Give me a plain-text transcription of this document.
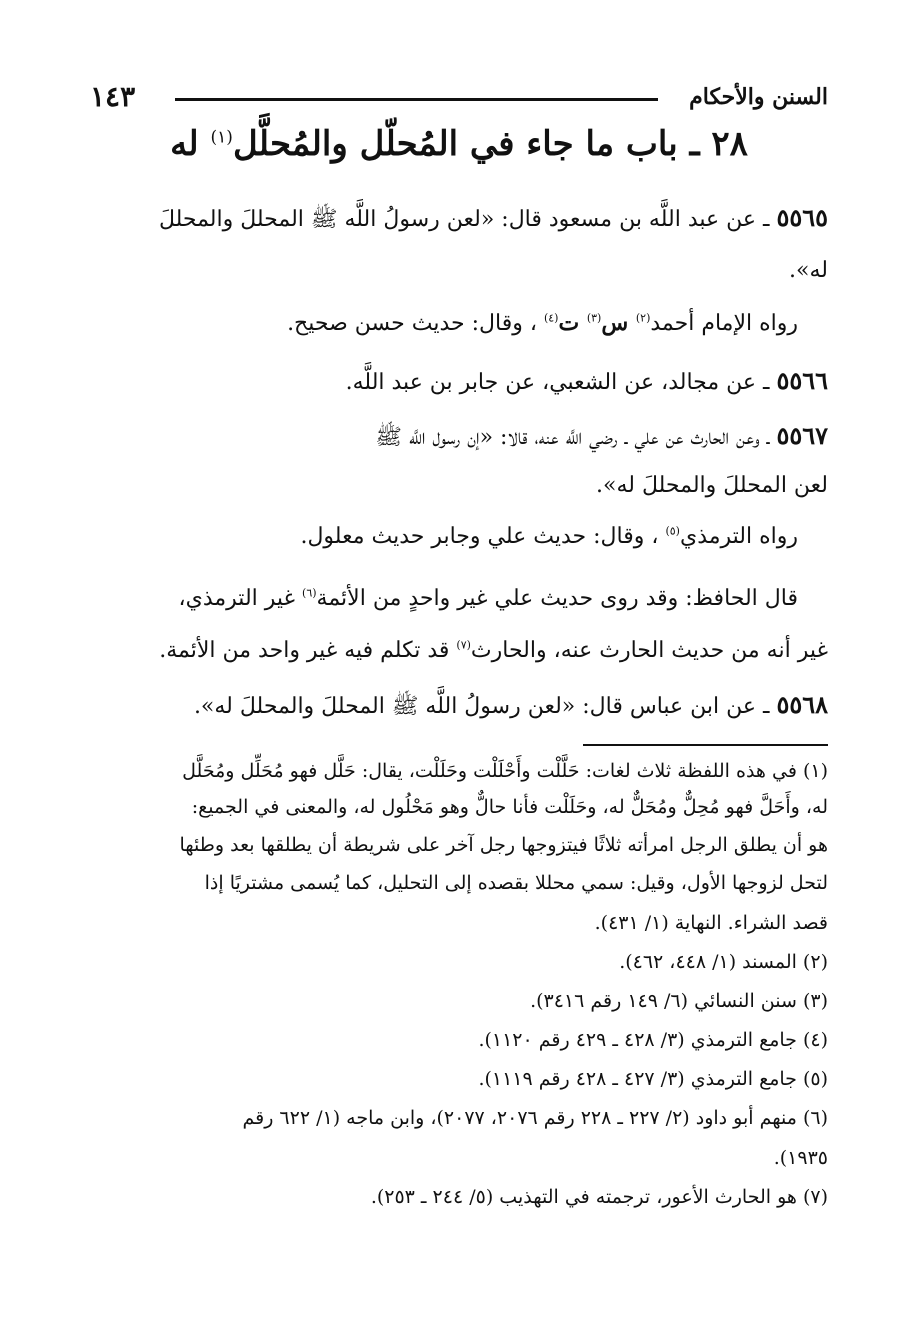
السنن والأحكام
١٤٣
٢٨ ـ باب ما جاء في المُحلّل والمُحلَّل$^{(١)}$ له
٥٥٦٥ ـ عن عبد اللَّه بن مسعود قال: «لعن رسولُ اللَّه ﷺ المحللَ والمحللَ
له».
رواه الإمام أحمد$^{(٢)}$ س$^{(٣)}$ ت$^{(٤)}$ ، وقال: حديث حسن صحيح.
٥٥٦٦ ـ عن مجالد، عن الشعبي، عن جابر بن عبد اللَّه.
٥٥٦٧ ـ وعن الحارث عن علي ـ رضي اللَّه عنه، قالا: «إن رسول اللَّه ﷺ
لعن المحللَ والمحللَ له».
رواه الترمذي$^{(٥)}$ ، وقال: حديث علي وجابر حديث معلول.
قال الحافظ: وقد روى حديث علي غير واحدٍ من الأئمة$^{(٦)}$ غير الترمذي،
غير أنه من حديث الحارث عنه، والحارث$^{(٧)}$ قد تكلم فيه غير واحد من الأئمة.
٥٥٦٨ ـ عن ابن عباس قال: «لعن رسولُ اللَّه ﷺ المحللَ والمحللَ له».
(١) في هذه اللفظة ثلاث لغات: حَلَّلْت وأَحْلَلْت وحَلَلْت، يقال: حَلَّل فهو مُحَلِّل ومُحَلَّل
له، وأَحَلَّ فهو مُحِلٌّ ومُحَلٌّ له، وحَلَلْت فأنا حالٌّ وهو مَحْلُول له، والمعنى في الجميع:
هو أن يطلق الرجل امرأته ثلاثًا فيتزوجها رجل آخر على شريطة أن يطلقها بعد وطئها
لتحل لزوجها الأول، وقيل: سمي محللا بقصده إلى التحليل، كما يُسمى مشتريًا إذا
قصد الشراء. النهاية (١/ ٤٣١).
(٢) المسند (١/ ٤٤٨، ٤٦٢).
(٣) سنن النسائي (٦/ ١٤٩ رقم ٣٤١٦).
(٤) جامع الترمذي (٣/ ٤٢٨ ـ ٤٢٩ رقم ١١٢٠).
(٥) جامع الترمذي (٣/ ٤٢٧ ـ ٤٢٨ رقم ١١١٩).
(٦) منهم أبو داود (٢/ ٢٢٧ ـ ٢٢٨ رقم ٢٠٧٦، ٢٠٧٧)، وابن ماجه (١/ ٦٢٢ رقم
١٩٣٥).
(٧) هو الحارث الأعور، ترجمته في التهذيب (٥/ ٢٤٤ ـ ٢٥٣).
